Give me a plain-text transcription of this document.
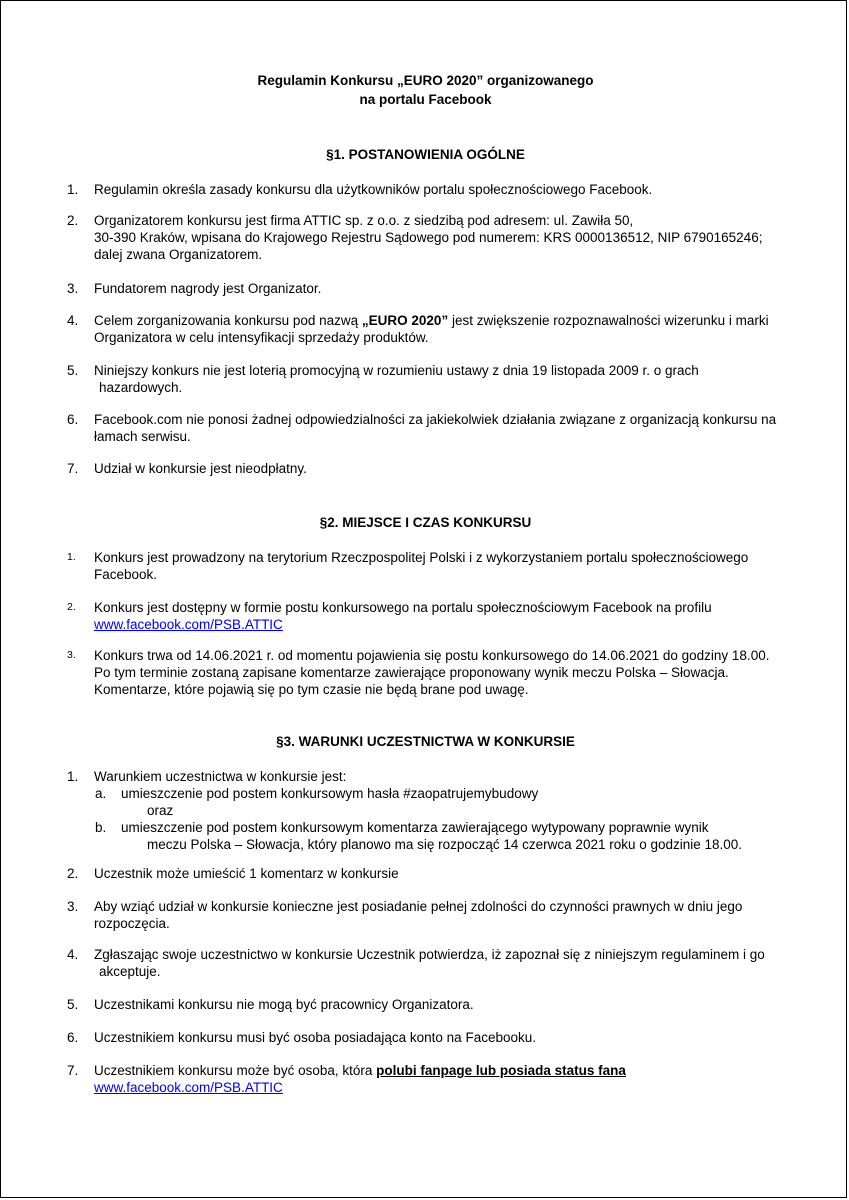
Regulamin Konkursu „EURO 2020” organizowanego
na portalu Facebook
§1. POSTANOWIENIA OGÓLNE
1. Regulamin określa zasady konkursu dla użytkowników portalu społecznościowego Facebook.
2. Organizatorem konkursu jest firma ATTIC sp. z o.o. z siedzibą pod adresem: ul. Zawiła 50,
30-390 Kraków, wpisana do Krajowego Rejestru Sądowego pod numerem: KRS 0000136512, NIP 6790165246;
dalej zwana Organizatorem.
3. Fundatorem nagrody jest Organizator.
4. Celem zorganizowania konkursu pod nazwą „EURO 2020” jest zwiększenie rozpoznawalności wizerunku i marki
Organizatora w celu intensyfikacji sprzedaży produktów.
5. Niniejszy konkurs nie jest loterią promocyjną w rozumieniu ustawy z dnia 19 listopada 2009 r. o grach
hazardowych.
6. Facebook.com nie ponosi żadnej odpowiedzialności za jakiekolwiek działania związane z organizacją konkursu na
łamach serwisu.
7. Udział w konkursie jest nieodpłatny.
§2. MIEJSCE I CZAS KONKURSU
1. Konkurs jest prowadzony na terytorium Rzeczpospolitej Polski i z wykorzystaniem portalu społecznościowego
Facebook.
2. Konkurs jest dostępny w formie postu konkursowego na portalu społecznościowym Facebook na profilu
www.facebook.com/PSB.ATTIC
3. Konkurs trwa od 14.06.2021 r. od momentu pojawienia się postu konkursowego do 14.06.2021 do godziny 18.00.
Po tym terminie zostaną zapisane komentarze zawierające proponowany wynik meczu Polska – Słowacja.
Komentarze, które pojawią się po tym czasie nie będą brane pod uwagę.
§3. WARUNKI UCZESTNICTWA W KONKURSIE
1. Warunkiem uczestnictwa w konkursie jest:
a. umieszczenie pod postem konkursowym hasła #zaopatrujemybudowy
oraz
b. umieszczenie pod postem konkursowym komentarza zawierającego wytypowany poprawnie wynik
meczu Polska – Słowacja, który planowo ma się rozpocząć 14 czerwca 2021 roku o godzinie 18.00.
2. Uczestnik może umieścić 1 komentarz w konkursie
3. Aby wziąć udział w konkursie konieczne jest posiadanie pełnej zdolności do czynności prawnych w dniu jego
rozpoczęcia.
4. Zgłaszając swoje uczestnictwo w konkursie Uczestnik potwierdza, iż zapoznał się z niniejszym regulaminem i go
akceptuje.
5. Uczestnikami konkursu nie mogą być pracownicy Organizatora.
6. Uczestnikiem konkursu musi być osoba posiadająca konto na Facebooku.
7. Uczestnikiem konkursu może być osoba, która polubi fanpage lub posiada status fana
www.facebook.com/PSB.ATTIC
